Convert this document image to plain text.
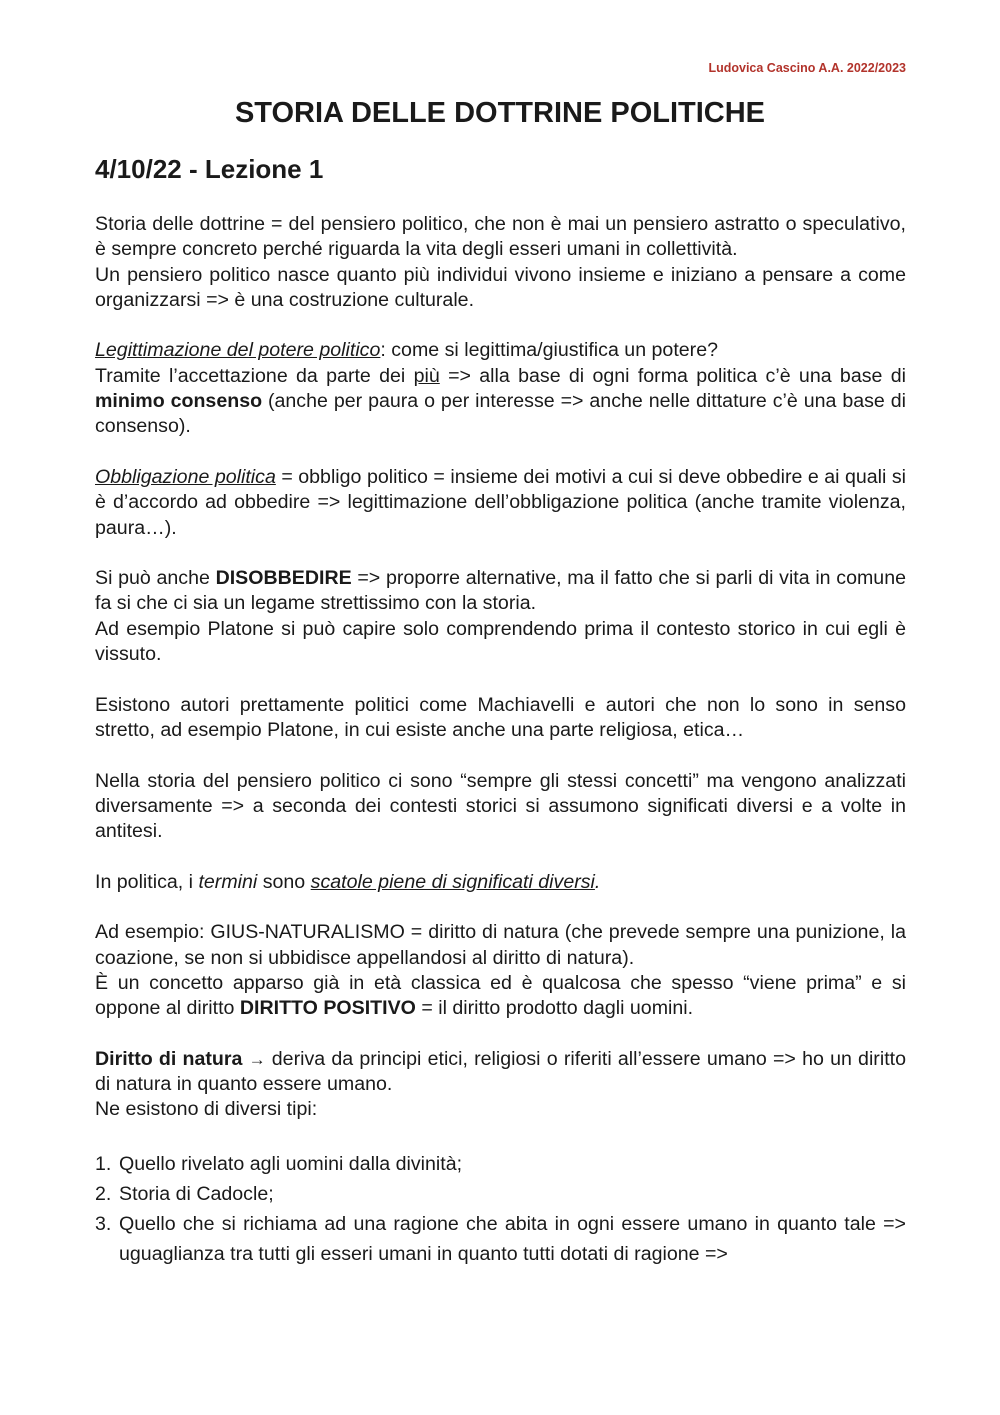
Ludovica Cascino A.A. 2022/2023
STORIA DELLE DOTTRINE POLITICHE
4/10/22 - Lezione 1

Storia delle dottrine = del pensiero politico, che non è mai un pensiero astratto o speculativo, è sempre concreto perché riguarda la vita degli esseri umani in collettività.
Un pensiero politico nasce quanto più individui vivono insieme e iniziano a pensare a come organizzarsi => è una costruzione culturale.

Legittimazione del potere politico: come si legittima/giustifica un potere?
Tramite l’accettazione da parte dei più => alla base di ogni forma politica c’è una base di minimo consenso (anche per paura o per interesse => anche nelle dittature c’è una base di consenso).

Obbligazione politica = obbligo politico = insieme dei motivi a cui si deve obbedire e ai quali si è d’accordo ad obbedire => legittimazione dell’obbligazione politica (anche tramite violenza, paura…).

Si può anche DISOBBEDIRE => proporre alternative, ma il fatto che si parli di vita in comune fa si che ci sia un legame strettissimo con la storia.
Ad esempio Platone si può capire solo comprendendo prima il contesto storico in cui egli è vissuto.

Esistono autori prettamente politici come Machiavelli e autori che non lo sono in senso stretto, ad esempio Platone, in cui esiste anche una parte religiosa, etica…

Nella storia del pensiero politico ci sono “sempre gli stessi concetti” ma vengono analizzati diversamente => a seconda dei contesti storici si assumono significati diversi e a volte in antitesi.

In politica, i termini sono scatole piene di significati diversi.

Ad esempio: GIUS-NATURALISMO = diritto di natura (che prevede sempre una punizione, la coazione, se non si ubbidisce appellandosi al diritto di natura).
È un concetto apparso già in età classica ed è qualcosa che spesso “viene prima” e si oppone al diritto DIRITTO POSITIVO = il diritto prodotto dagli uomini.

Diritto di natura → deriva da principi etici, religiosi o riferiti all’essere umano => ho un diritto di natura in quanto essere umano.
Ne esistono di diversi tipi:

1. Quello rivelato agli uomini dalla divinità;
2. Storia di Cadocle;
3. Quello che si richiama ad una ragione che abita in ogni essere umano in quanto tale => uguaglianza tra tutti gli esseri umani in quanto tutti dotati di ragione =>
